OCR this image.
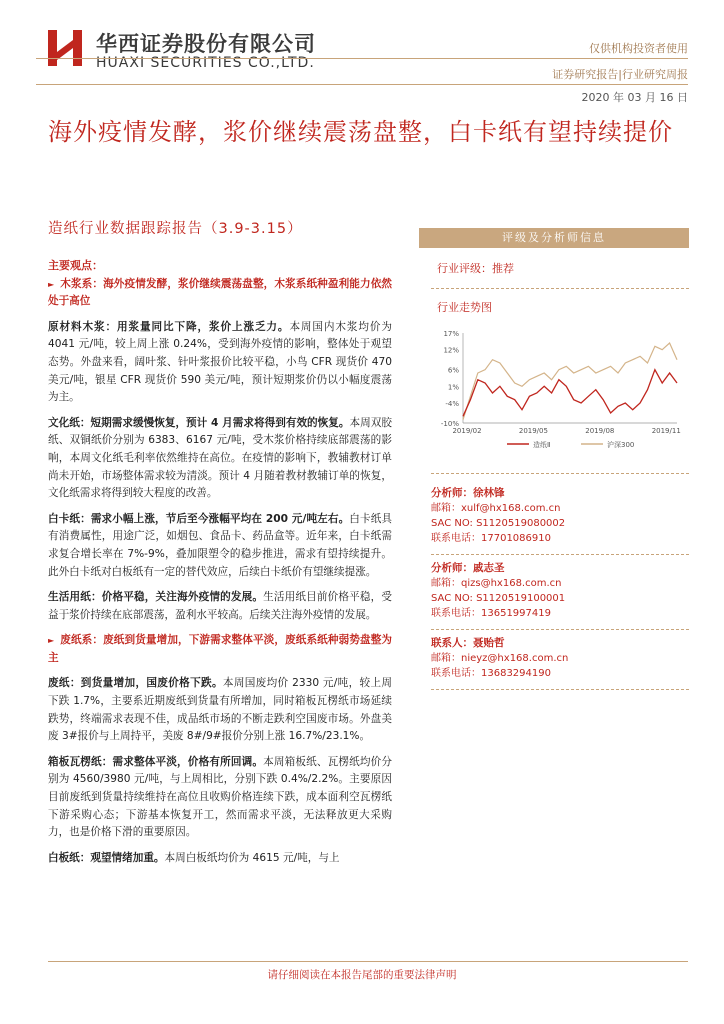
华西证券股份有限公司
HUAXI SECURITIES CO.,LTD.
仅供机构投资者使用
证券研究报告|行业研究周报
2020 年 03 月 16 日
海外疫情发酵，浆价继续震荡盘整，白卡纸有望持续提价
造纸行业数据跟踪报告（3.9-3.15）

主要观点：

► 木浆系：海外疫情发酵，浆价继续震荡盘整，木浆系纸种盈利能力依然处于高位

原材料木浆：用浆量同比下降，浆价上涨乏力。本周国内木浆均价为 4041 元/吨，较上周上涨 0.24%，受到海外疫情的影响，整体处于观望态势。外盘来看，阔叶浆、针叶浆报价比较平稳，小鸟 CFR 现货价 470 美元/吨，银星 CFR 现货价 590 美元/吨，预计短期浆价仍以小幅度震荡为主。

文化纸：短期需求缓慢恢复，预计 4 月需求将得到有效的恢复。本周双胶纸、双铜纸价分别为 6383、6167 元/吨，受木浆价格持续底部震荡的影响，本周文化纸毛利率依然维持在高位。在疫情的影响下，教辅教材订单尚未开始，市场整体需求较为清淡。预计 4 月随着教材教辅订单的恢复，文化纸需求将得到较大程度的改善。

白卡纸：需求小幅上涨，节后至今涨幅平均在 200 元/吨左右。白卡纸具有消费属性，用途广泛，如烟包、食品卡、药品盒等。近年来，白卡纸需求复合增长率在 7%-9%，叠加限塑令的稳步推进，需求有望持续提升。此外白卡纸对白板纸有一定的替代效应，后续白卡纸价有望继续提涨。

生活用纸：价格平稳，关注海外疫情的发展。生活用纸目前价格平稳，受益于浆价持续在底部震荡，盈利水平较高。后续关注海外疫情的发展。

► 废纸系：废纸到货量增加，下游需求整体平淡，废纸系纸种弱势盘整为主

废纸：到货量增加，国废价格下跌。本周国废均价 2330 元/吨，较上周下跌 1.7%，主要系近期废纸到货量有所增加，同时箱板瓦楞纸市场延续跌势，终端需求表现不佳，成品纸市场的不断走跌利空国废市场。外盘美废 3#报价与上周持平，美废 8#/9#报价分别上涨 16.7%/23.1%。

箱板瓦楞纸：需求整体平淡，价格有所回调。本周箱板纸、瓦楞纸均价分别为 4560/3980 元/吨，与上周相比，分别下跌 0.4%/2.2%。主要原因目前废纸到货量持续维持在高位且收购价格连续下跌，成本面利空瓦楞纸下游采购心态；下游基本恢复开工，然而需求平淡，无法释放更大采购力，也是价格下滑的重要原因。

白板纸：观望情绪加重。本周白板纸均价为 4615 元/吨，与上

评级及分析师信息
行业评级：推荐
行业走势图
17%
12%
6%
1%
-4%
-10%
2019/02	2019/05	2019/08	2019/11
造纸Ⅱ	沪深300
分析师：徐林锋
邮箱：xulf@hx168.com.cn
SAC NO: S1120519080002
联系电话：17701086910
分析师：戚志圣
邮箱：qizs@hx168.com.cn
SAC NO: S1120519100001
联系电话：13651997419
联系人：聂贻哲
邮箱：nieyz@hx168.com.cn
联系电话：13683294190
请仔细阅读在本报告尾部的重要法律声明
